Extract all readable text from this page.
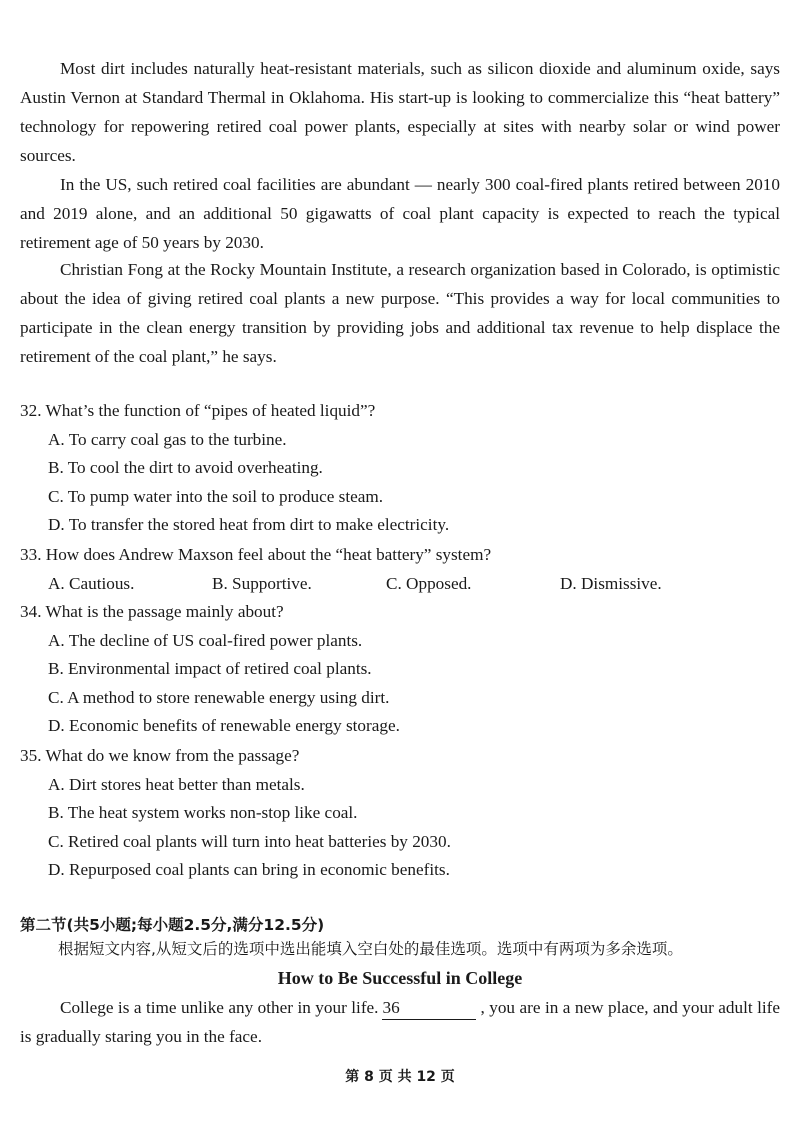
Most dirt includes naturally heat-resistant materials, such as silicon dioxide and aluminum oxide, says Austin Vernon at Standard Thermal in Oklahoma. His start-up is looking to commercialize this “heat battery” technology for repowering retired coal power plants, especially at sites with nearby solar or wind power sources.

In the US, such retired coal facilities are abundant — nearly 300 coal-fired plants retired between 2010 and 2019 alone, and an additional 50 gigawatts of coal plant capacity is expected to reach the typical retirement age of 50 years by 2030.

Christian Fong at the Rocky Mountain Institute, a research organization based in Colorado, is optimistic about the idea of giving retired coal plants a new purpose. “This provides a way for local communities to participate in the clean energy transition by providing jobs and additional tax revenue to help displace the retirement of the coal plant,” he says.

32. What’s the function of “pipes of heated liquid”?
A. To carry coal gas to the turbine.
B. To cool the dirt to avoid overheating.
C. To pump water into the soil to produce steam.
D. To transfer the stored heat from dirt to make electricity.
33. How does Andrew Maxson feel about the “heat battery” system?
A. Cautious.	B. Supportive.	C. Opposed.	D. Dismissive.
34. What is the passage mainly about?
A. The decline of US coal-fired power plants.
B. Environmental impact of retired coal plants.
C. A method to store renewable energy using dirt.
D. Economic benefits of renewable energy storage.
35. What do we know from the passage?
A. Dirt stores heat better than metals.
B. The heat system works non-stop like coal.
C. Retired coal plants will turn into heat batteries by 2030.
D. Repurposed coal plants can bring in economic benefits.
第二节(共5小题;每小题2.5分,满分12.5分)
根据短文内容,从短文后的选项中选出能填入空白处的最佳选项。选项中有两项为多余选项。
How to Be Successful in College

College is a time unlike any other in your life. 36	, you are in a new place, and your adult life is gradually staring you in the face.

第 8 页 共 12 页
